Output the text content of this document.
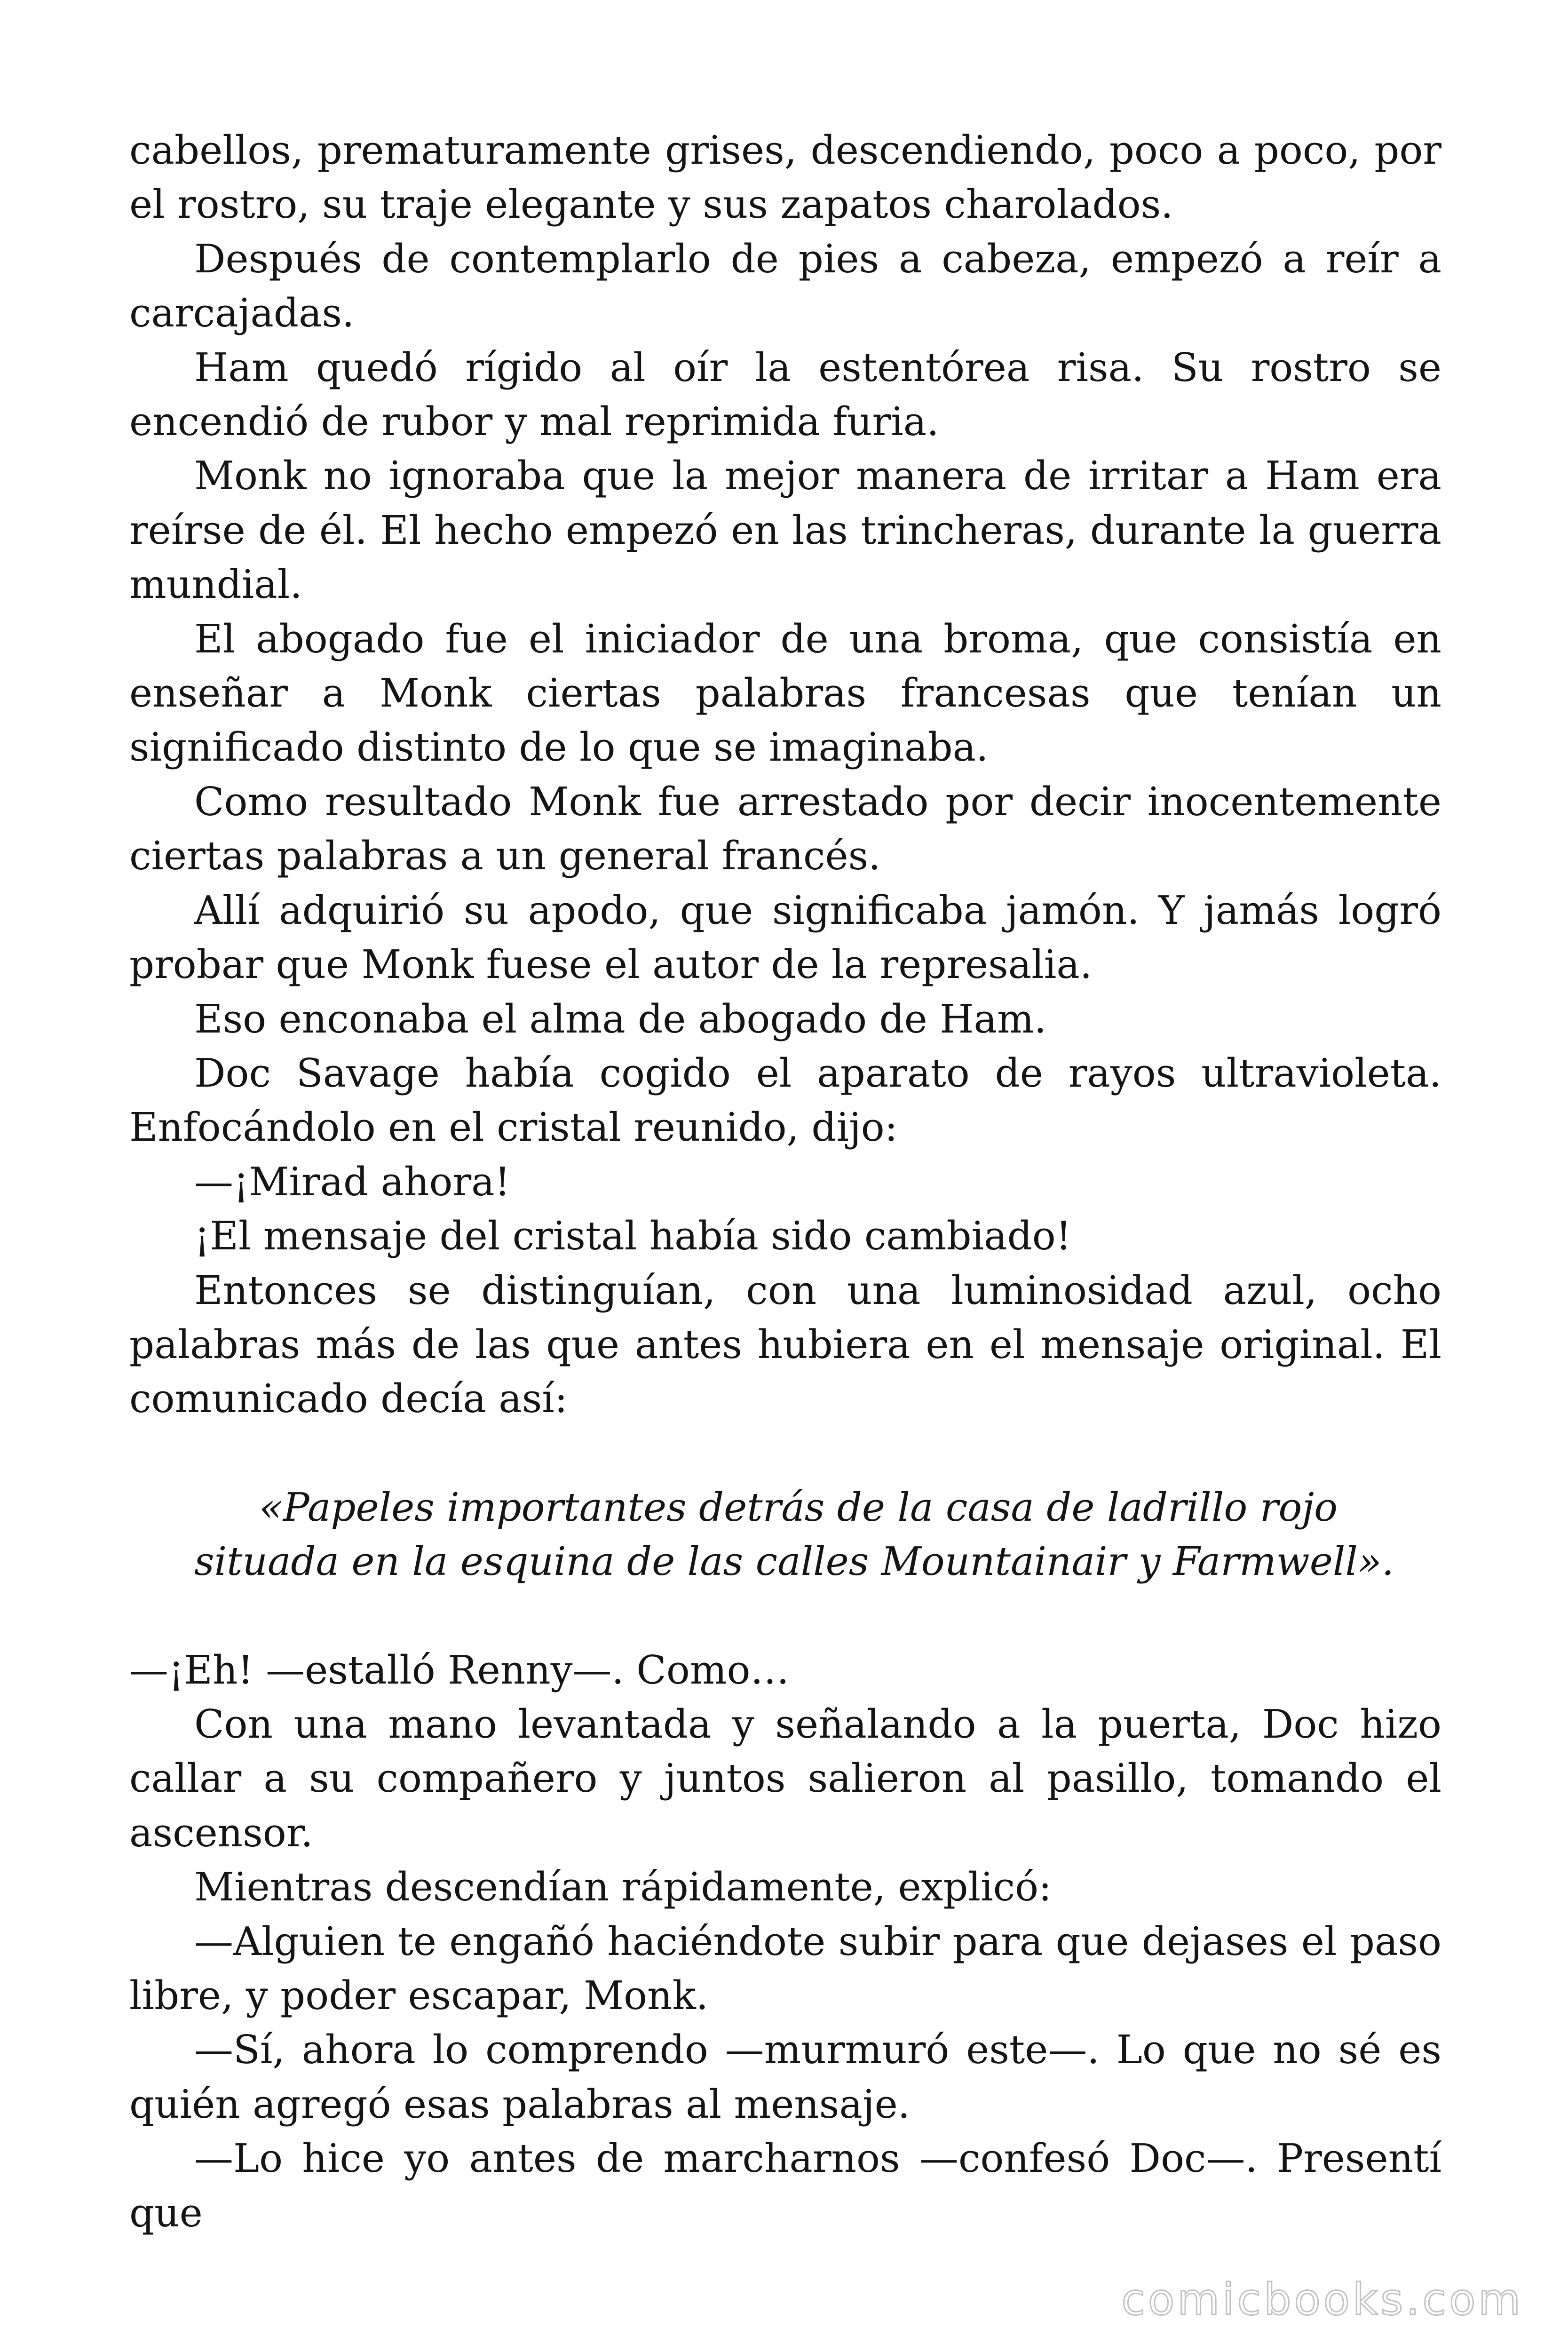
cabellos, prematuramente grises, descendiendo, poco a poco, por el rostro, su traje elegante y sus zapatos charolados.

Después de contemplarlo de pies a cabeza, empezó a reír a carcajadas.

Ham quedó rígido al oír la estentórea risa. Su rostro se encendió de rubor y mal reprimida furia.

Monk no ignoraba que la mejor manera de irritar a Ham era reírse de él. El hecho empezó en las trincheras, durante la guerra mundial.

El abogado fue el iniciador de una broma, que consistía en enseñar a Monk ciertas palabras francesas que tenían un significado distinto de lo que se imaginaba.

Como resultado Monk fue arrestado por decir inocentemente ciertas palabras a un general francés.

Allí adquirió su apodo, que significaba jamón. Y jamás logró probar que Monk fuese el autor de la represalia.

Eso enconaba el alma de abogado de Ham.

Doc Savage había cogido el aparato de rayos ultravioleta. Enfocándolo en el cristal reunido, dijo:

—¡Mirad ahora!

¡El mensaje del cristal había sido cambiado!

Entonces se distinguían, con una luminosidad azul, ocho palabras más de las que antes hubiera en el mensaje original. El comunicado decía así:

«Papeles importantes detrás de la casa de ladrillo rojo situada en la esquina de las calles Mountainair y Farmwell».

—¡Eh! —estalló Renny—. Como…

Con una mano levantada y señalando a la puerta, Doc hizo callar a su compañero y juntos salieron al pasillo, tomando el ascensor.

Mientras descendían rápidamente, explicó:

—Alguien te engañó haciéndote subir para que dejases el paso libre, y poder escapar, Monk.

—Sí, ahora lo comprendo —murmuró este—. Lo que no sé es quién agregó esas palabras al mensaje.

—Lo hice yo antes de marcharnos —confesó Doc—. Presentí que

comicbooks.com
